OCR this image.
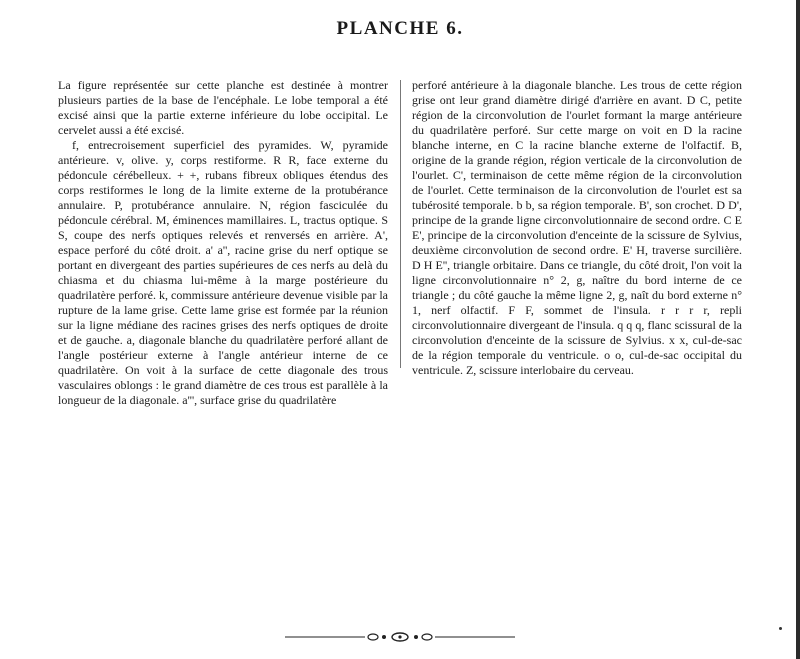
PLANCHE 6.

La figure représentée sur cette planche est destinée à montrer plusieurs parties de la base de l'encéphale. Le lobe temporal a été excisé ainsi que la partie externe inférieure du lobe occipital. Le cervelet aussi a été excisé.

f, entrecroisement superficiel des pyramides. W, pyramide antérieure. v, olive. y, corps restiforme. R R, face externe du pédoncule cérébelleux. + +, rubans fibreux obliques étendus des corps restiformes le long de la limite externe de la protubérance annulaire. P, protubérance annulaire. N, région fasciculée du pédoncule cérébral. M, éminences mamillaires. L, tractus optique. S S, coupe des nerfs optiques relevés et renversés en arrière. A', espace perforé du côté droit. a' a'', racine grise du nerf optique se portant en divergeant des parties supérieures de ces nerfs au delà du chiasma et du chiasma lui-même à la marge postérieure du quadrilatère perforé. k, commissure antérieure devenue visible par la rupture de la lame grise. Cette lame grise est formée par la réunion sur la ligne médiane des racines grises des nerfs optiques de droite et de gauche. a, diagonale blanche du quadrilatère perforé allant de l'angle postérieur externe à l'angle antérieur interne de ce quadrilatère. On voit à la surface de cette diagonale des trous vasculaires oblongs : le grand diamètre de ces trous est parallèle à la longueur de la diagonale. a''', surface grise du quadrilatère

perforé antérieure à la diagonale blanche. Les trous de cette région grise ont leur grand diamètre dirigé d'arrière en avant. D C, petite région de la circonvolution de l'ourlet formant la marge antérieure du quadrilatère perforé. Sur cette marge on voit en D la racine blanche interne, en C la racine blanche externe de l'olfactif. B, origine de la grande région, région verticale de la circonvolution de l'ourlet. C', terminaison de cette même région de la circonvolution de l'ourlet. Cette terminaison de la circonvolution de l'ourlet est sa tubérosité temporale. b b, sa région temporale. B', son crochet. D D', principe de la grande ligne circonvolutionnaire de second ordre. C E E', principe de la circonvolution d'enceinte de la scissure de Sylvius, deuxième circonvolution de second ordre. E' H, traverse surcilière. D H E'', triangle orbitaire. Dans ce triangle, du côté droit, l'on voit la ligne circonvolutionnaire n° 2, g, naître du bord interne de ce triangle ; du côté gauche la même ligne 2, g, naît du bord externe n° 1, nerf olfactif. F F, sommet de l'insula. r r r r, repli circonvolutionnaire divergeant de l'insula. q q q, flanc scissural de la circonvolution d'enceinte de la scissure de Sylvius. x x, cul-de-sac de la région temporale du ventricule. o o, cul-de-sac occipital du ventricule. Z, scissure interlobaire du cerveau.
